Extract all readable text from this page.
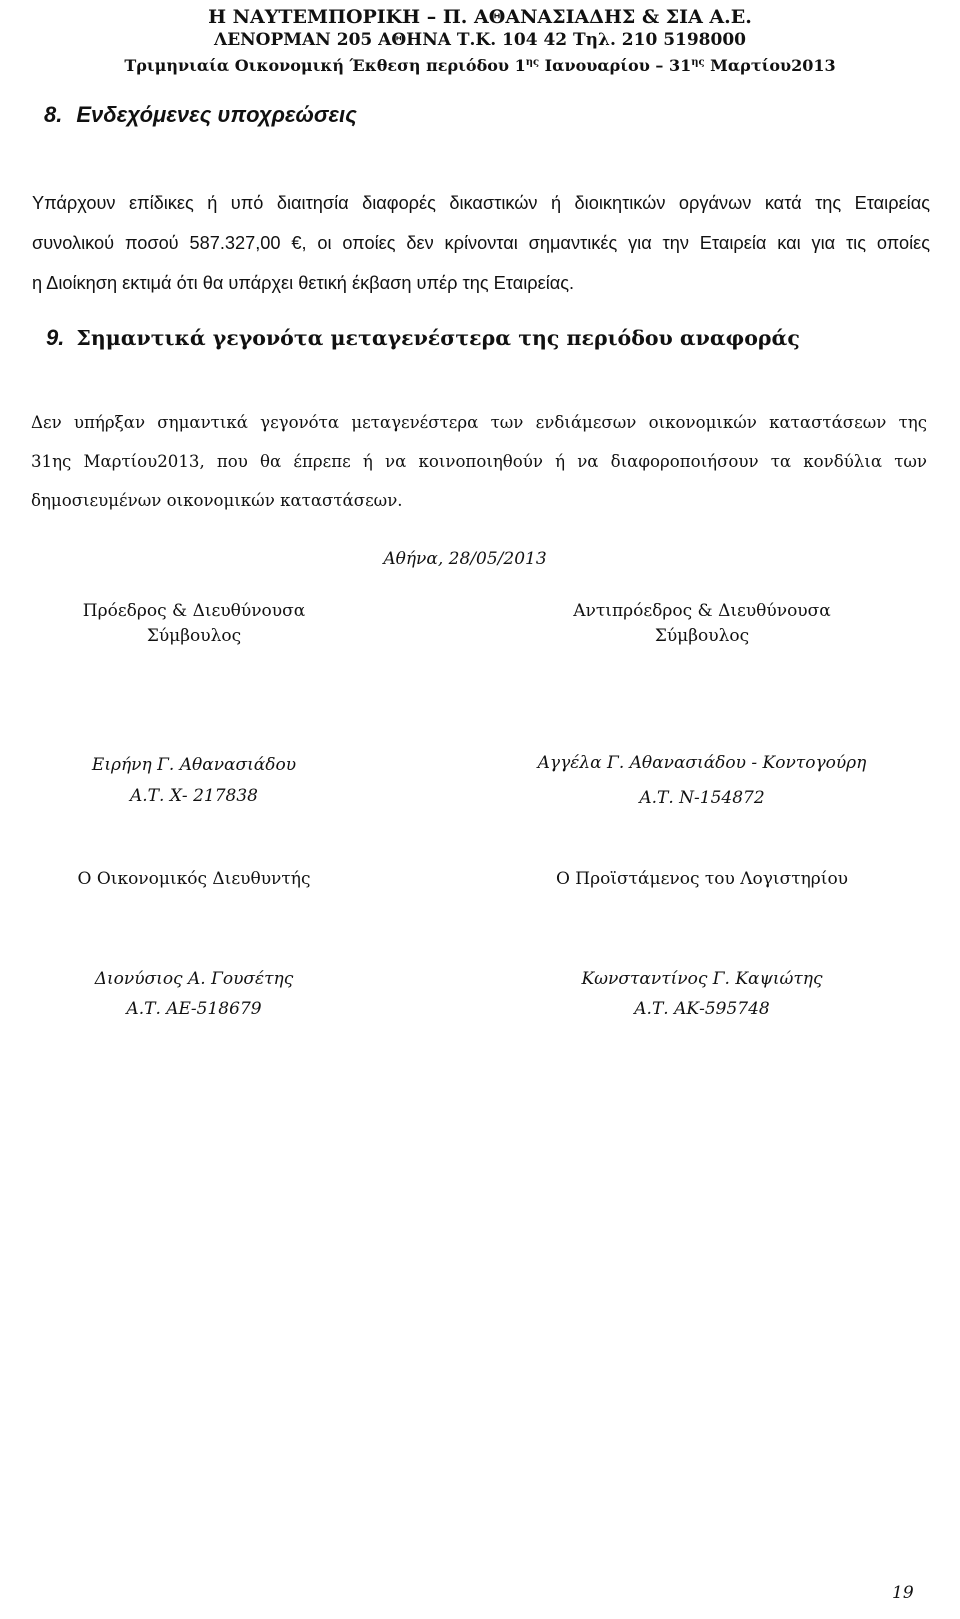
Η ΝΑΥΤΕΜΠΟΡΙΚΗ – Π. ΑΘΑΝΑΣΙΑΔΗΣ & ΣΙΑ Α.Ε.
ΛΕΝΟΡΜΑΝ 205 ΑΘΗΝΑ Τ.Κ. 104 42 Τηλ. 210 5198000
Τριμηνιαία Οικονομική Έκθεση περιόδου $1^{\eta\varsigma}$ Ιανουαρίου – $31^{\eta\varsigma}$ Μαρτίου2013
8. Ενδεχόμενες υποχρεώσεις
Υπάρχουν επίδικες ή υπό διαιτησία διαφορές δικαστικών ή διοικητικών οργάνων κατά της Εταιρείας
συνολικού ποσού 587.327,00 €, οι οποίες δεν κρίνονται σημαντικές για την Εταιρεία και για τις οποίες
η Διοίκηση εκτιμά ότι θα υπάρχει θετική έκβαση υπέρ της Εταιρείας.
9. Σημαντικά γεγονότα μεταγενέστερα της περιόδου αναφοράς
Δεν υπήρξαν σημαντικά γεγονότα μεταγενέστερα των ενδιάμεσων οικονομικών καταστάσεων της
31ης Μαρτίου2013, που θα έπρεπε ή να κοινοποιηθούν ή να διαφοροποιήσουν τα κονδύλια των
δημοσιευμένων οικονομικών καταστάσεων.
Αθήνα, 28/05/2013
Πρόεδρος & Διευθύνουσα
Σύμβουλος
Αντιπρόεδρος & Διευθύνουσα
Σύμβουλος
Ειρήνη Γ. Αθανασιάδου
Α.Τ. Χ- 217838
Αγγέλα Γ. Αθανασιάδου - Κοντογούρη
Α.Τ. Ν-154872
Ο Οικονομικός Διευθυντής	Ο Προϊστάμενος του Λογιστηρίου
Διονύσιος Α. Γουσέτης
Α.Τ. ΑΕ-518679
Κωνσταντίνος Γ. Καψιώτης
Α.Τ. ΑΚ-595748
19
